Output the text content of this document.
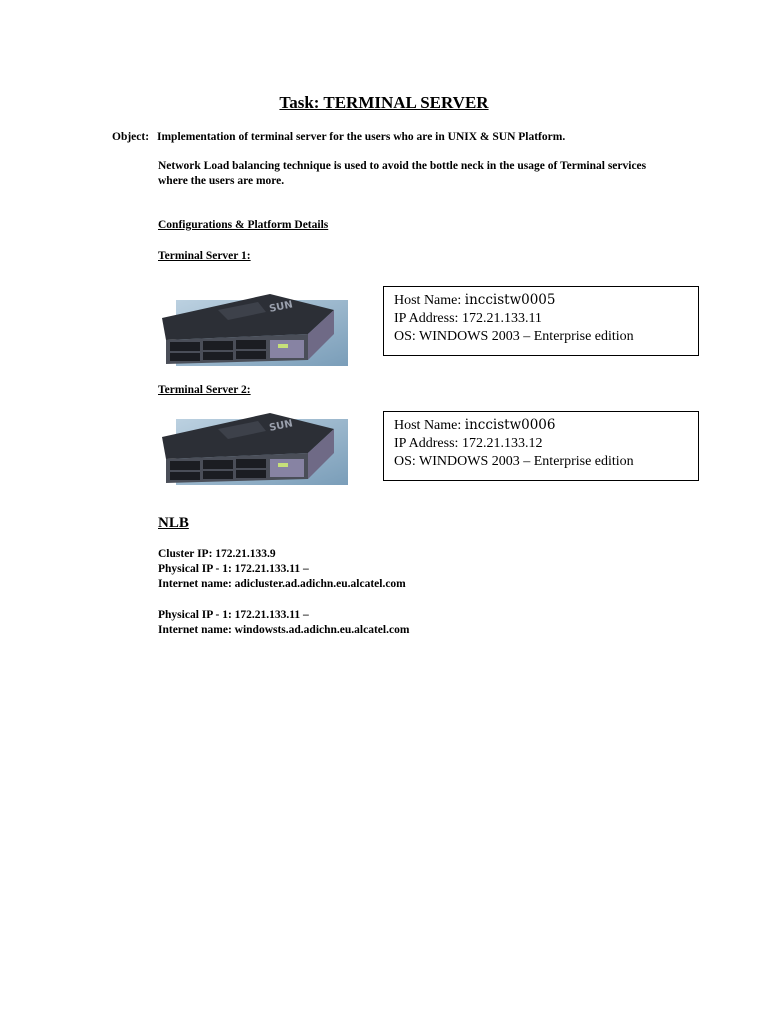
Task: TERMINAL SERVER
Object: Implementation of terminal server for the users who are in UNIX & SUN Platform.
Network Load balancing technique is used to avoid the bottle neck in the usage of Terminal services where the users are more.
Configurations & Platform Details
Terminal Server 1:
SUN	Host Name: inccistw0005
IP Address: 172.21.133.11
OS: WINDOWS 2003 – Enterprise edition
Terminal Server 2:
SUN	Host Name: inccistw0006
IP Address: 172.21.133.12
OS: WINDOWS 2003 – Enterprise edition
NLB
Cluster IP: 172.21.133.9
Physical IP - 1: 172.21.133.11 –
Internet name: adicluster.ad.adichn.eu.alcatel.com
Physical IP - 1: 172.21.133.11 –
Internet name: windowsts.ad.adichn.eu.alcatel.com
